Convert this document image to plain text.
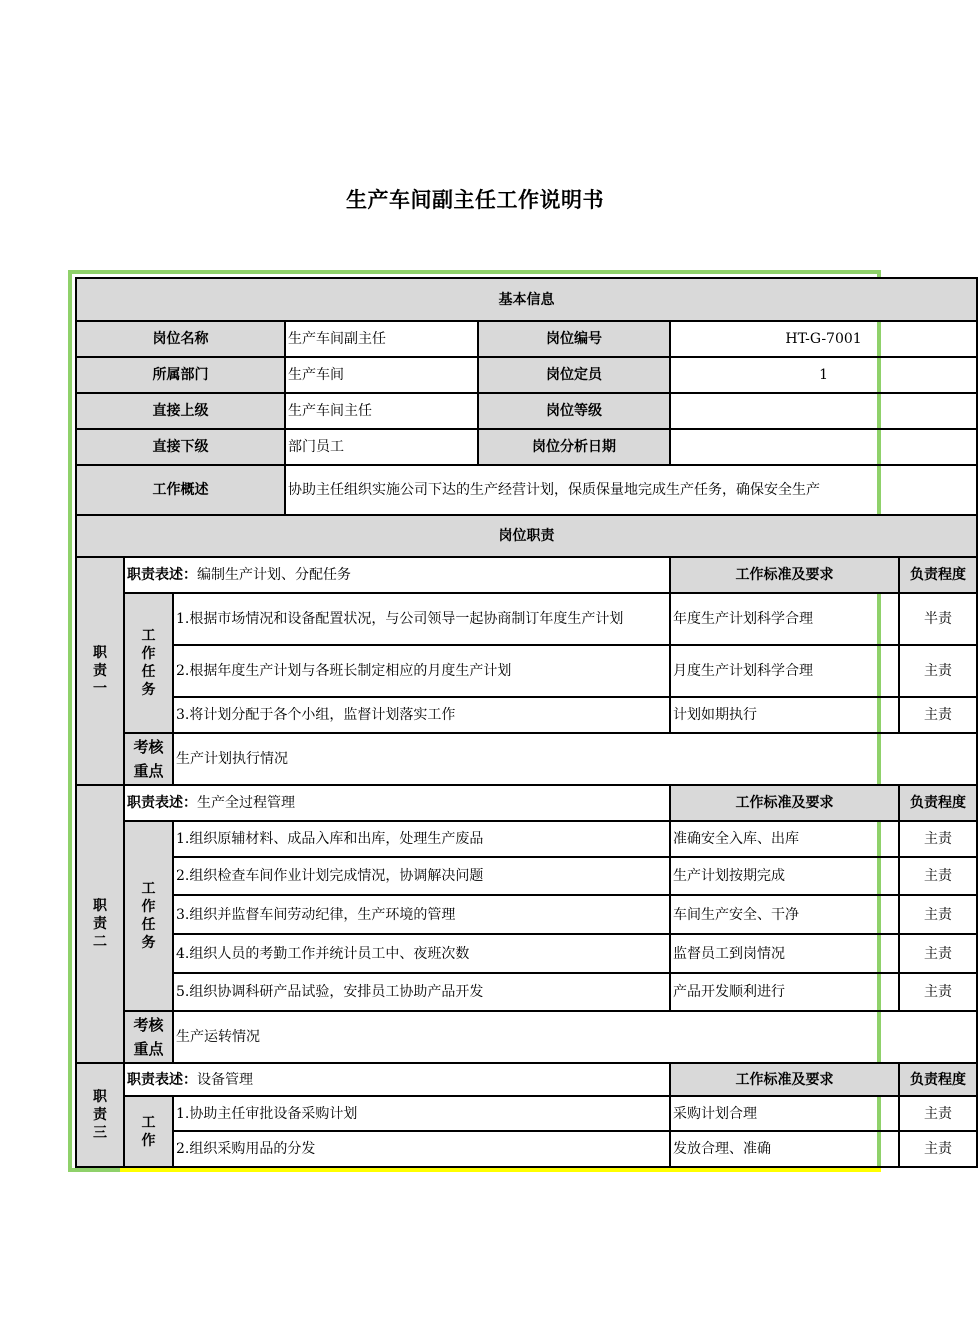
生产车间副主任工作说明书
基本信息						
岗位名称			生产车间副主任	岗位编号	HT-G-7001	
所属部门			生产车间	岗位定员	1	
直接上级			生产车间主任	岗位等级		
直接下级			部门员工	岗位分析日期		
工作概述			协助主任组织实施公司下达的生产经营计划，保质保量地完成生产任务，确保安全生产			
岗位职责						

职
责
一	职责表述：编制生产计划、分配任务				工作标准及要求	负责程度

	工
作
任
务	1.根据市场情况和设备配置状况，与公司领导一起协商制订年度生产计划			年度生产计划科学合理	半责
		2.根据年度生产计划与各班长制定相应的月度生产计划			月度生产计划科学合理	主责
		3.将计划分配于各个小组，监督计划落实工作			计划如期执行	主责

	考核
重点	生产计划执行情况				

职
责
二	职责表述：生产全过程管理				工作标准及要求	负责程度

	工
作
任
务	1.组织原辅材料、成品入库和出库，处理生产废品			准确安全入库、出库	主责
		2.组织检查车间作业计划完成情况，协调解决问题			生产计划按期完成	主责
		3.组织并监督车间劳动纪律，生产环境的管理			车间生产安全、干净	主责
		4.组织人员的考勤工作并统计员工中、夜班次数			监督员工到岗情况	主责
		5.组织协调科研产品试验，安排员工协助产品开发			产品开发顺利进行	主责

	考核
重点	生产运转情况				

职
责
三	职责表述：设备管理				工作标准及要求	负责程度

	工
作	1.协助主任审批设备采购计划			采购计划合理	主责
		2.组织采购用品的分发			发放合理、准确	主责
